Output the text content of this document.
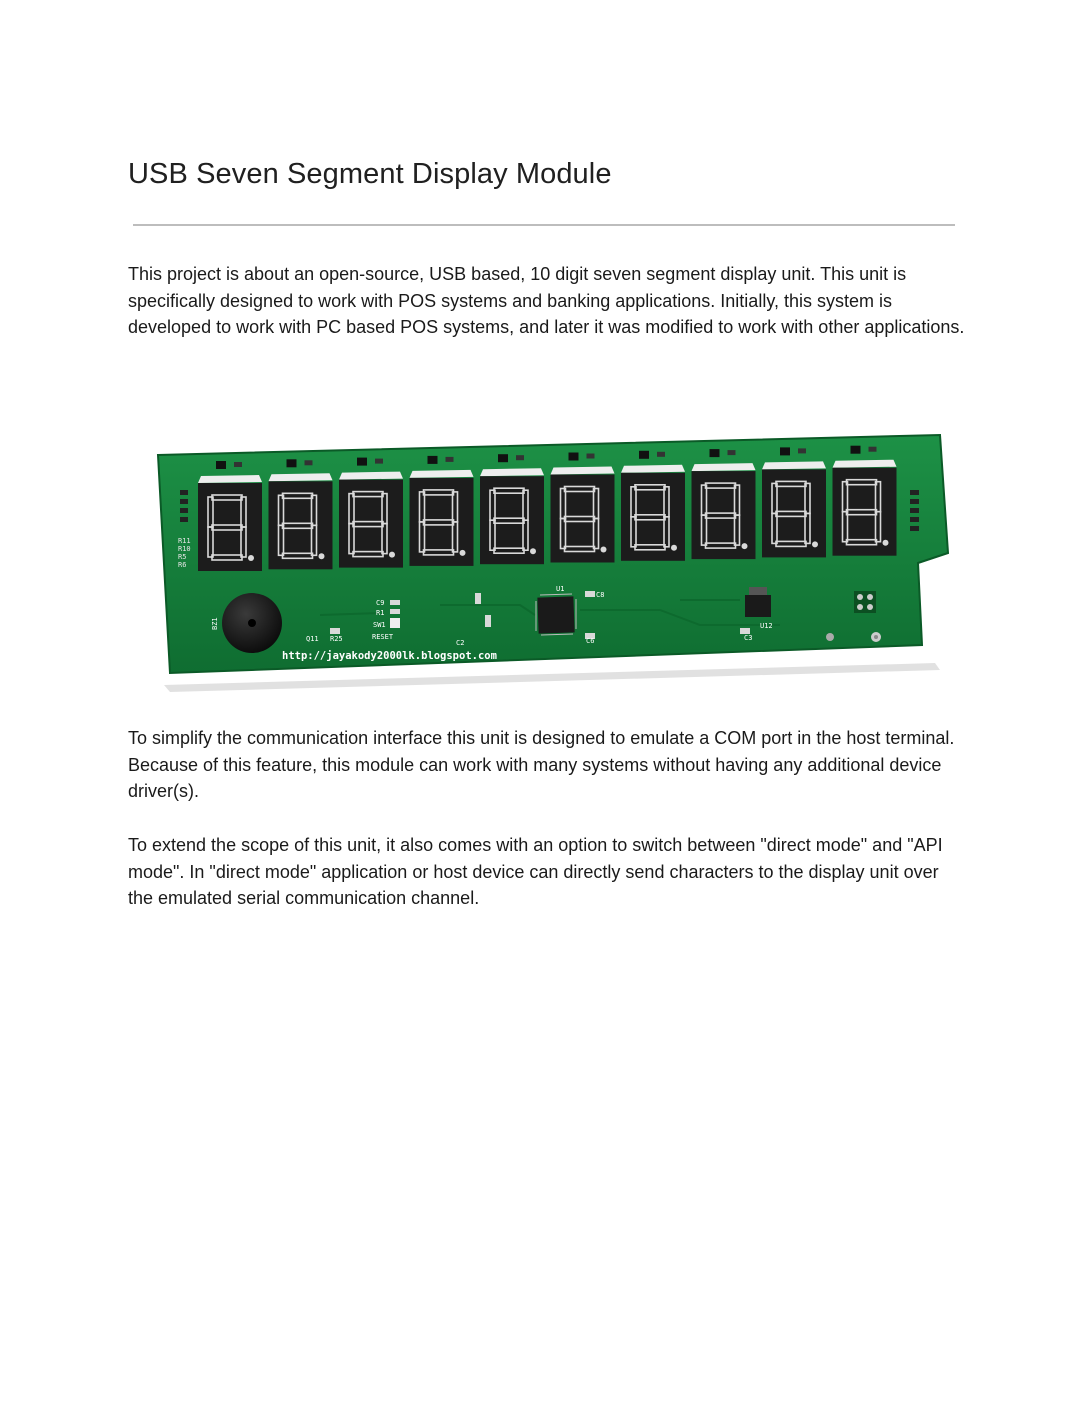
USB Seven Segment Display Module

This project is about an open-source, USB based, 10 digit seven segment display unit. This unit is specifically designed to work with POS systems and banking applications. Initially, this system is developed to work with PC based POS systems, and later it was modified to work with other applications.

R11
R10
R5
R6
http://jayakody2000lk.blogspot.com
RESET
C9
R1
SW1
Q11 R25
BZ1
U1
C8
C2
U12
C3
C6

To simplify the communication interface this unit is designed to emulate a COM port in the host terminal. Because of this feature, this module can work with many systems without having any additional device driver(s).

To extend the scope of this unit, it also comes with an option to switch between "direct mode" and "API mode". In "direct mode" application or host device can directly send characters to the display unit over the emulated serial communication channel.
